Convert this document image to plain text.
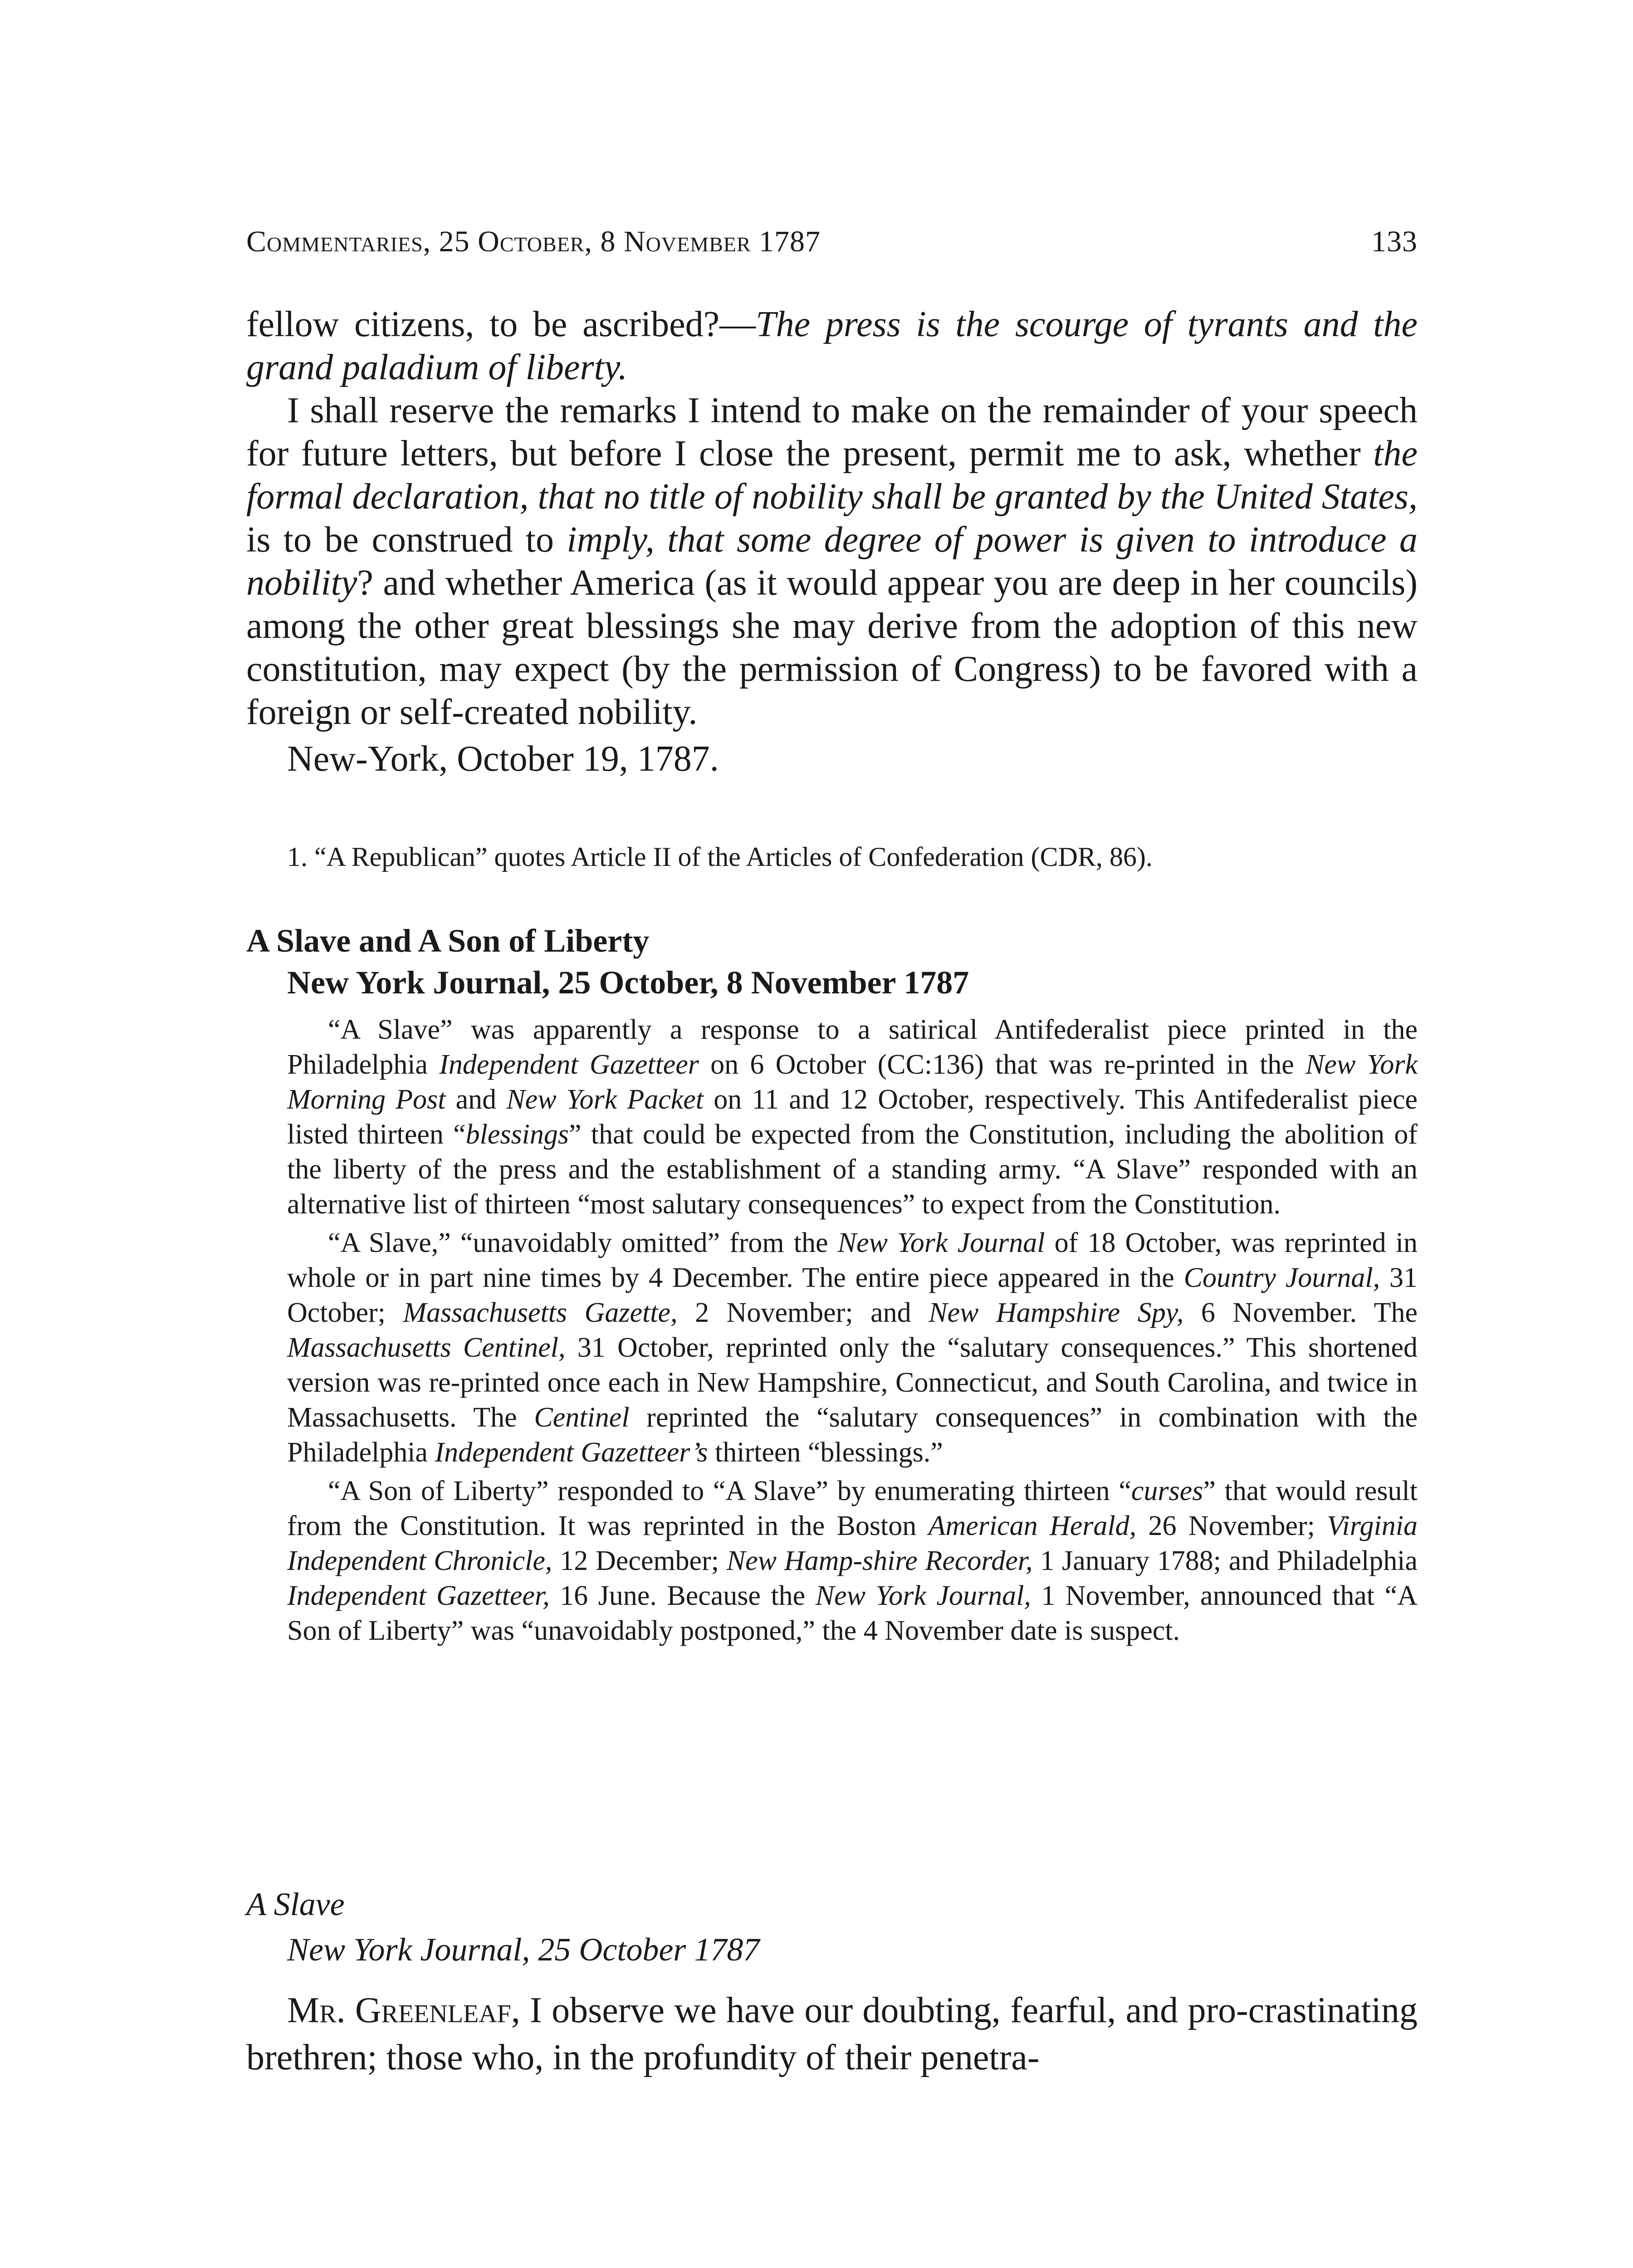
Commentaries, 25 October, 8 November 1787	133

fellow citizens, to be ascribed?—The press is the scourge of tyrants and the grand paladium of liberty.

I shall reserve the remarks I intend to make on the remainder of your speech for future letters, but before I close the present, permit me to ask, whether the formal declaration, that no title of nobility shall be granted by the United States, is to be construed to imply, that some degree of power is given to introduce a nobility? and whether America (as it would appear you are deep in her councils) among the other great blessings she may derive from the adoption of this new constitution, may expect (by the permission of Congress) to be favored with a foreign or self-created nobility.

New-York, October 19, 1787.

1. “A Republican” quotes Article II of the Articles of Confederation (CDR, 86).
A Slave and A Son of Liberty
New York Journal, 25 October, 8 November 1787

“A Slave” was apparently a response to a satirical Antifederalist piece printed in the Philadelphia Independent Gazetteer on 6 October (CC:136) that was re-printed in the New York Morning Post and New York Packet on 11 and 12 October, respectively. This Antifederalist piece listed thirteen “blessings” that could be expected from the Constitution, including the abolition of the liberty of the press and the establishment of a standing army. “A Slave” responded with an alternative list of thirteen “most salutary consequences” to expect from the Constitution.

“A Slave,” “unavoidably omitted” from the New York Journal of 18 October, was reprinted in whole or in part nine times by 4 December. The entire piece appeared in the Country Journal, 31 October; Massachusetts Gazette, 2 November; and New Hampshire Spy, 6 November. The Massachusetts Centinel, 31 October, reprinted only the “salutary consequences.” This shortened version was re-printed once each in New Hampshire, Connecticut, and South Carolina, and twice in Massachusetts. The Centinel reprinted the “salutary consequences” in combination with the Philadelphia Independent Gazetteer’s thirteen “blessings.”

“A Son of Liberty” responded to “A Slave” by enumerating thirteen “curses” that would result from the Constitution. It was reprinted in the Boston American Herald, 26 November; Virginia Independent Chronicle, 12 December; New Hamp-shire Recorder, 1 January 1788; and Philadelphia Independent Gazetteer, 16 June. Because the New York Journal, 1 November, announced that “A Son of Liberty” was “unavoidably postponed,” the 4 November date is suspect.

A Slave
New York Journal, 25 October 1787

Mr. Greenleaf, I observe we have our doubting, fearful, and pro-crastinating brethren; those who, in the profundity of their penetra-
